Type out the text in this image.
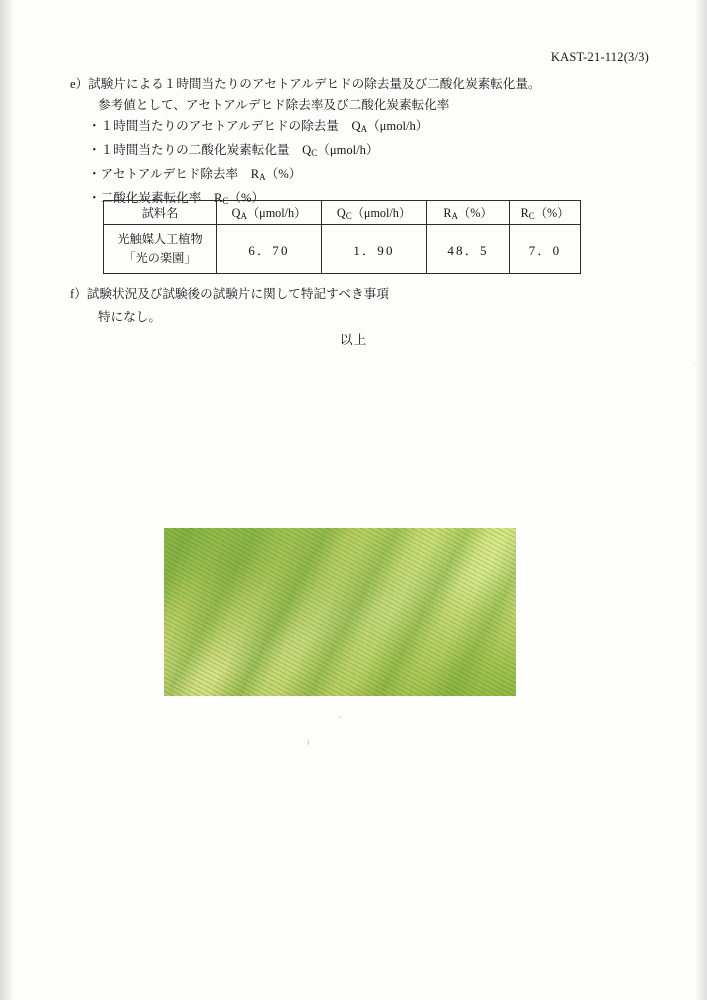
KAST-21-112(3/3)
e）試験片による１時間当たりのアセトアルデヒドの除去量及び二酸化炭素転化量。
参考値として、アセトアルデヒド除去率及び二酸化炭素転化率
・１時間当たりのアセトアルデヒドの除去量　$Q_A(\mu mol/h)$
・１時間当たりの二酸化炭素転化量　$Q_C(\mu mol/h)$
・アセトアルデヒド除去率　$R_A(\%)$
・二酸化炭素転化率　$R_C(\%)$
試料名	$Q_A(\mu mol/h)$	$Q_C(\mu mol/h)$	$R_A(\%)$	$R_C(\%)$

光触媒人工植物
「光の楽園」	6．70	1．90	48．5	7．0
f）試験状況及び試験後の試験片に関して特記すべき事項
特になし。
以上
·
¡
·
